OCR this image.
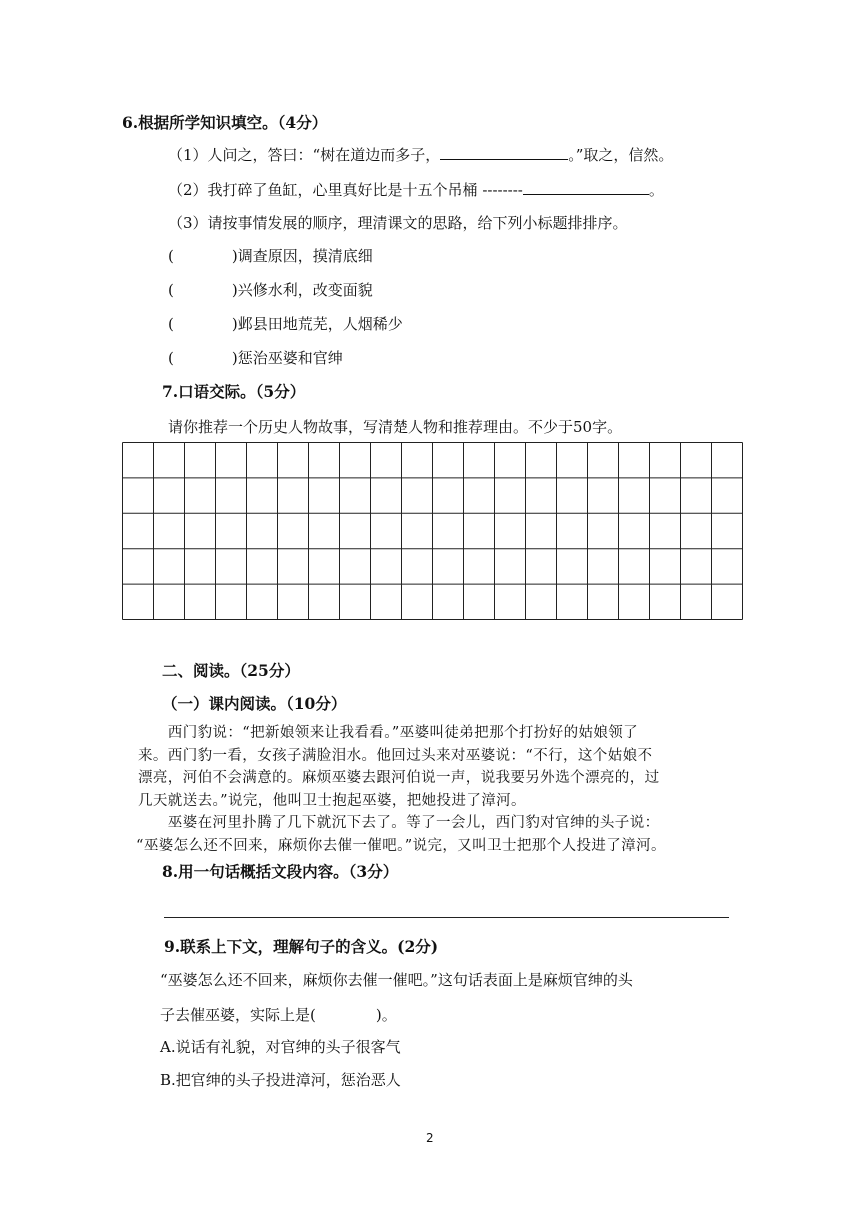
6.根据所学知识填空。（4分）
（1）人问之，答曰：“树在道边而多子，	。”取之，信然。
（2）我打碎了鱼缸，心里真好比是十五个吊桶 --------	。
（3）请按事情发展的顺序，理清课文的思路，给下列小标题排排序。
(	)调查原因，摸清底细
(	)兴修水利，改变面貌
(	)邺县田地荒芜，人烟稀少
(	)惩治巫婆和官绅
7.口语交际。（5分）
请你推荐一个历史人物故事，写清楚人物和推荐理由。不少于50字。
二、阅读。（25分）
（一）课内阅读。（10分）
　　西门豹说：“把新娘领来让我看看。”巫婆叫徒弟把那个打扮好的姑娘领了
来。西门豹一看，女孩子满脸泪水。他回过头来对巫婆说：“不行，这个姑娘不
漂亮，河伯不会满意的。麻烦巫婆去跟河伯说一声，说我要另外选个漂亮的，过
几天就送去。”说完，他叫卫士抱起巫婆，把她投进了漳河。
　　巫婆在河里扑腾了几下就沉下去了。等了一会儿，西门豹对官绅的头子说：
“巫婆怎么还不回来，麻烦你去催一催吧。”说完，又叫卫士把那个人投进了漳河。
8.用一句话概括文段内容。（3分）
9.联系上下文，理解句子的含义。(2分)
“巫婆怎么还不回来，麻烦你去催一催吧。”这句话表面上是麻烦官绅的头
子去催巫婆，实际上是(　　　　)。
A.说话有礼貌，对官绅的头子很客气
B.把官绅的头子投进漳河，惩治恶人
2
